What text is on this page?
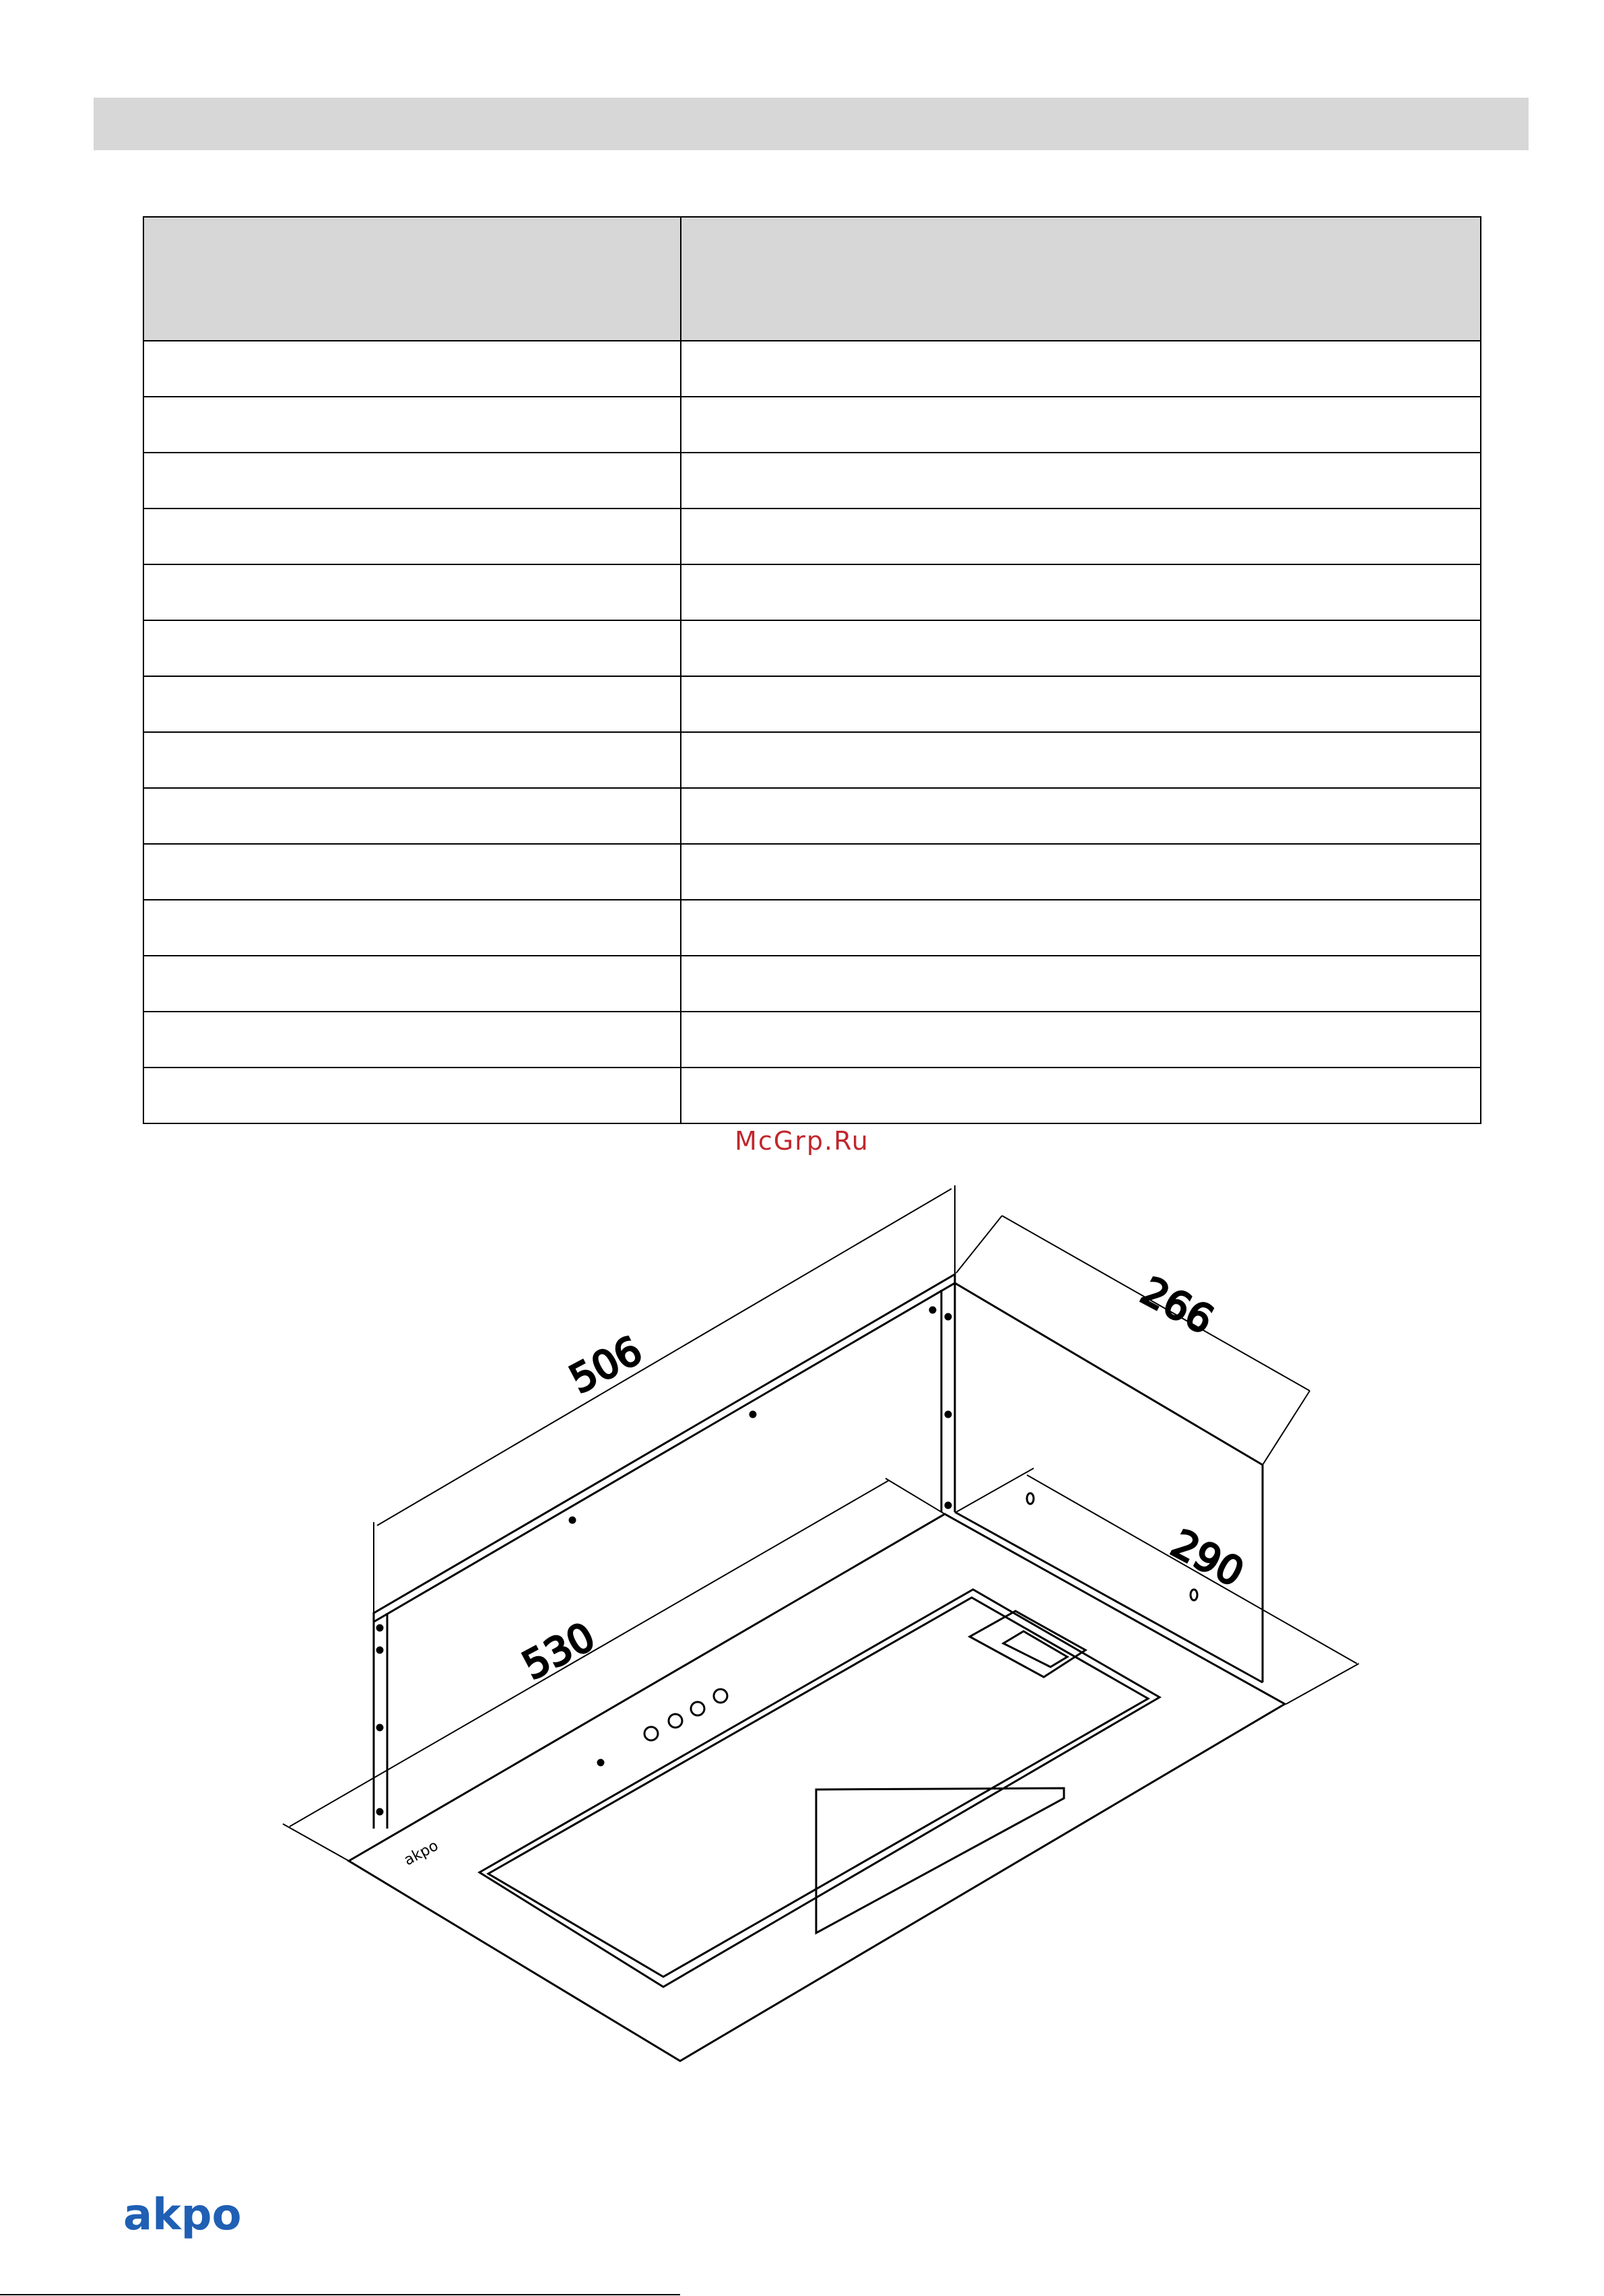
McGrp.Ru
akpo
506
266
290
530
akpo
